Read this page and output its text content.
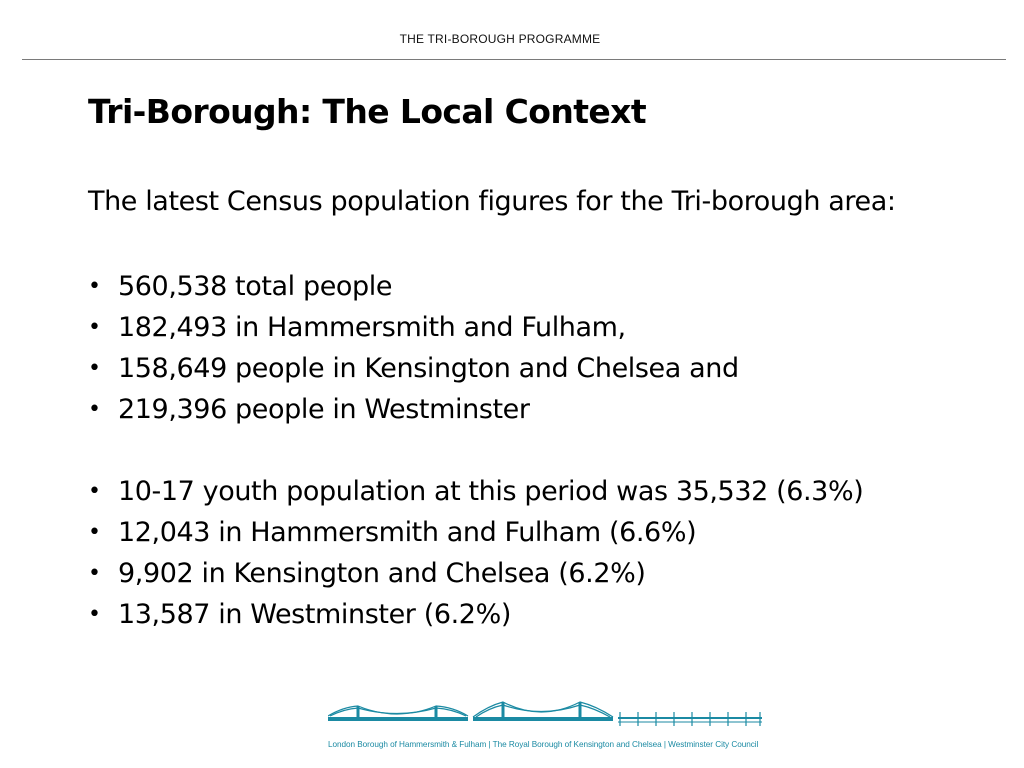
THE TRI-BOROUGH PROGRAMME
Tri-Borough: The Local Context

The latest Census population figures for the Tri-borough area:

• 560,538 total people
• 182,493 in Hammersmith and Fulham,
• 158,649 people in Kensington and Chelsea and
• 219,396 people in Westminster
• 10-17 youth population at this period was 35,532 (6.3%)
• 12,043 in Hammersmith and Fulham (6.6%)
• 9,902 in Kensington and Chelsea (6.2%)
• 13,587 in Westminster (6.2%)
London Borough of Hammersmith & Fulham | The Royal Borough of Kensington and Chelsea | Westminster City Council
